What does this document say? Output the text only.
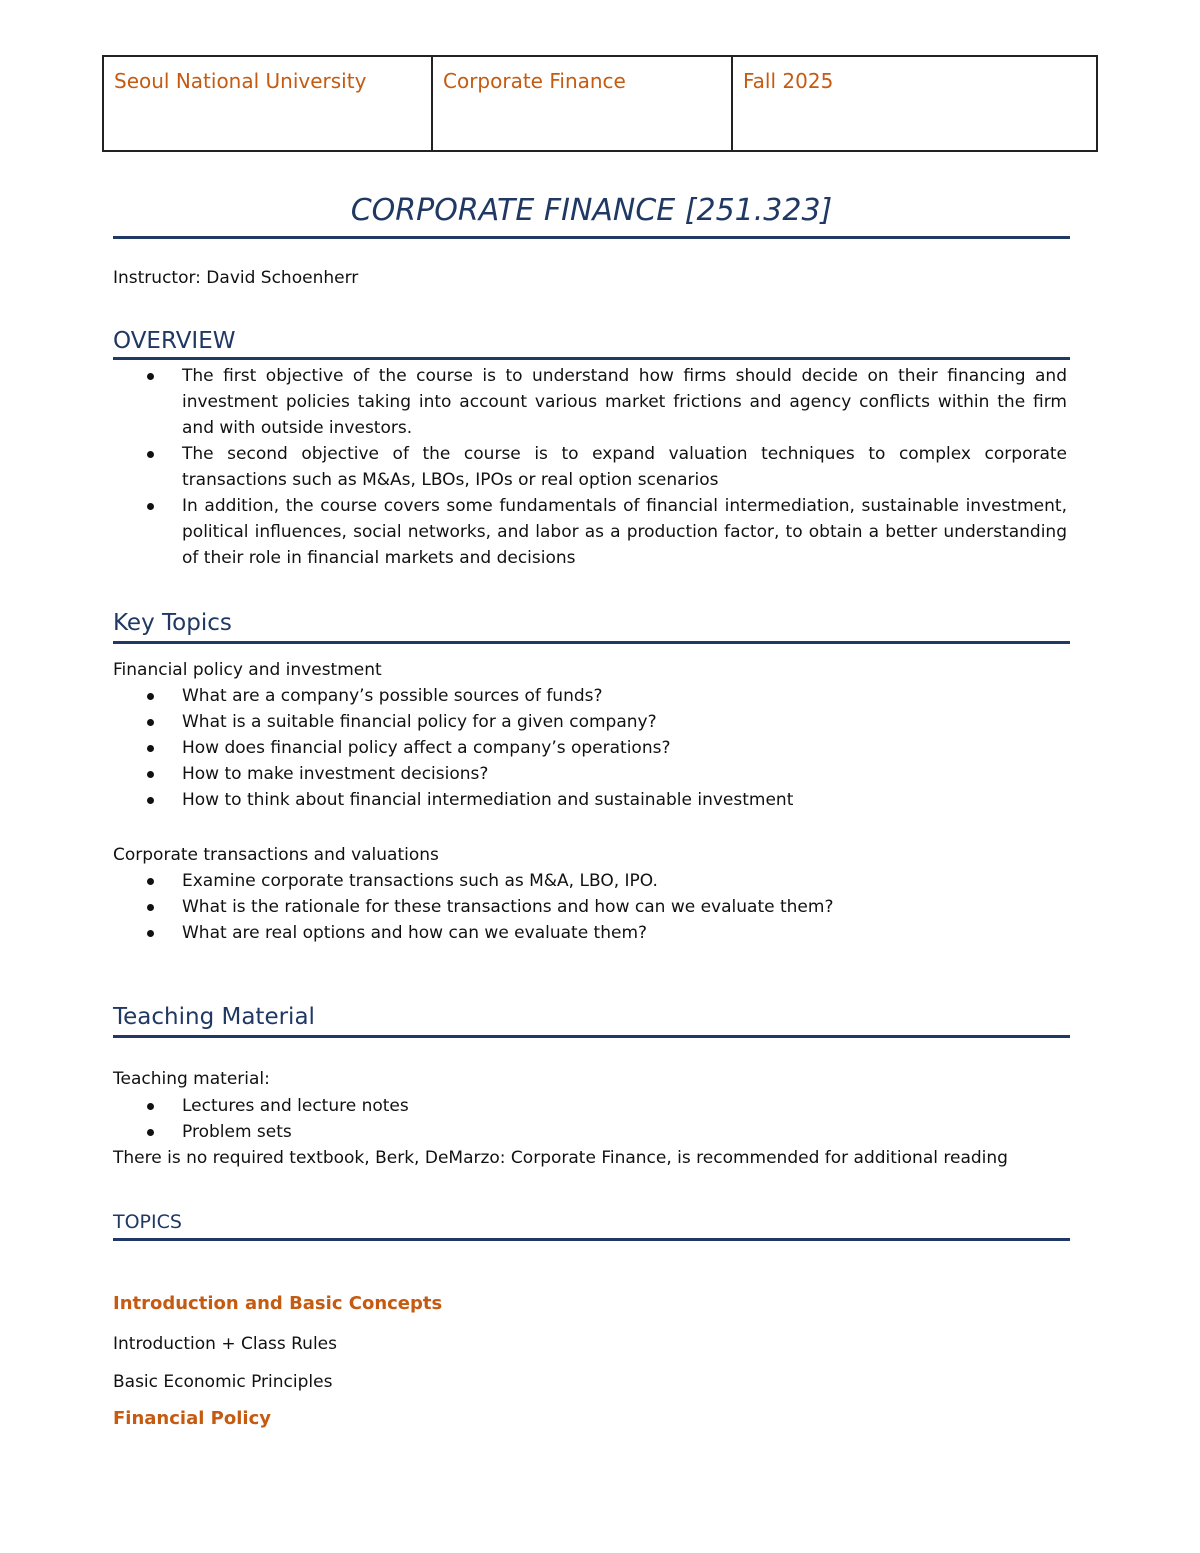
Seoul National University	Corporate Finance	Fall 2025
CORPORATE FINANCE [251.323]
Instructor: David Schoenherr
OVERVIEW
The first objective of the course is to understand how firms should decide on their financing and investment policies taking into account various market frictions and agency conflicts within the firm and with outside investors.
The second objective of the course is to expand valuation techniques to complex corporate transactions such as M&As, LBOs, IPOs or real option scenarios
In addition, the course covers some fundamentals of financial intermediation, sustainable investment, political influences, social networks, and labor as a production factor, to obtain a better understanding of their role in financial markets and decisions
Key Topics
Financial policy and investment
What are a company’s possible sources of funds?
What is a suitable financial policy for a given company?
How does financial policy affect a company’s operations?
How to make investment decisions?
How to think about financial intermediation and sustainable investment
Corporate transactions and valuations
Examine corporate transactions such as M&A, LBO, IPO.
What is the rationale for these transactions and how can we evaluate them?
What are real options and how can we evaluate them?
Teaching Material
Teaching material:
Lectures and lecture notes
Problem sets
There is no required textbook, Berk, DeMarzo: Corporate Finance, is recommended for additional reading
TOPICS
Introduction and Basic Concepts
Introduction + Class Rules
Basic Economic Principles
Financial Policy
